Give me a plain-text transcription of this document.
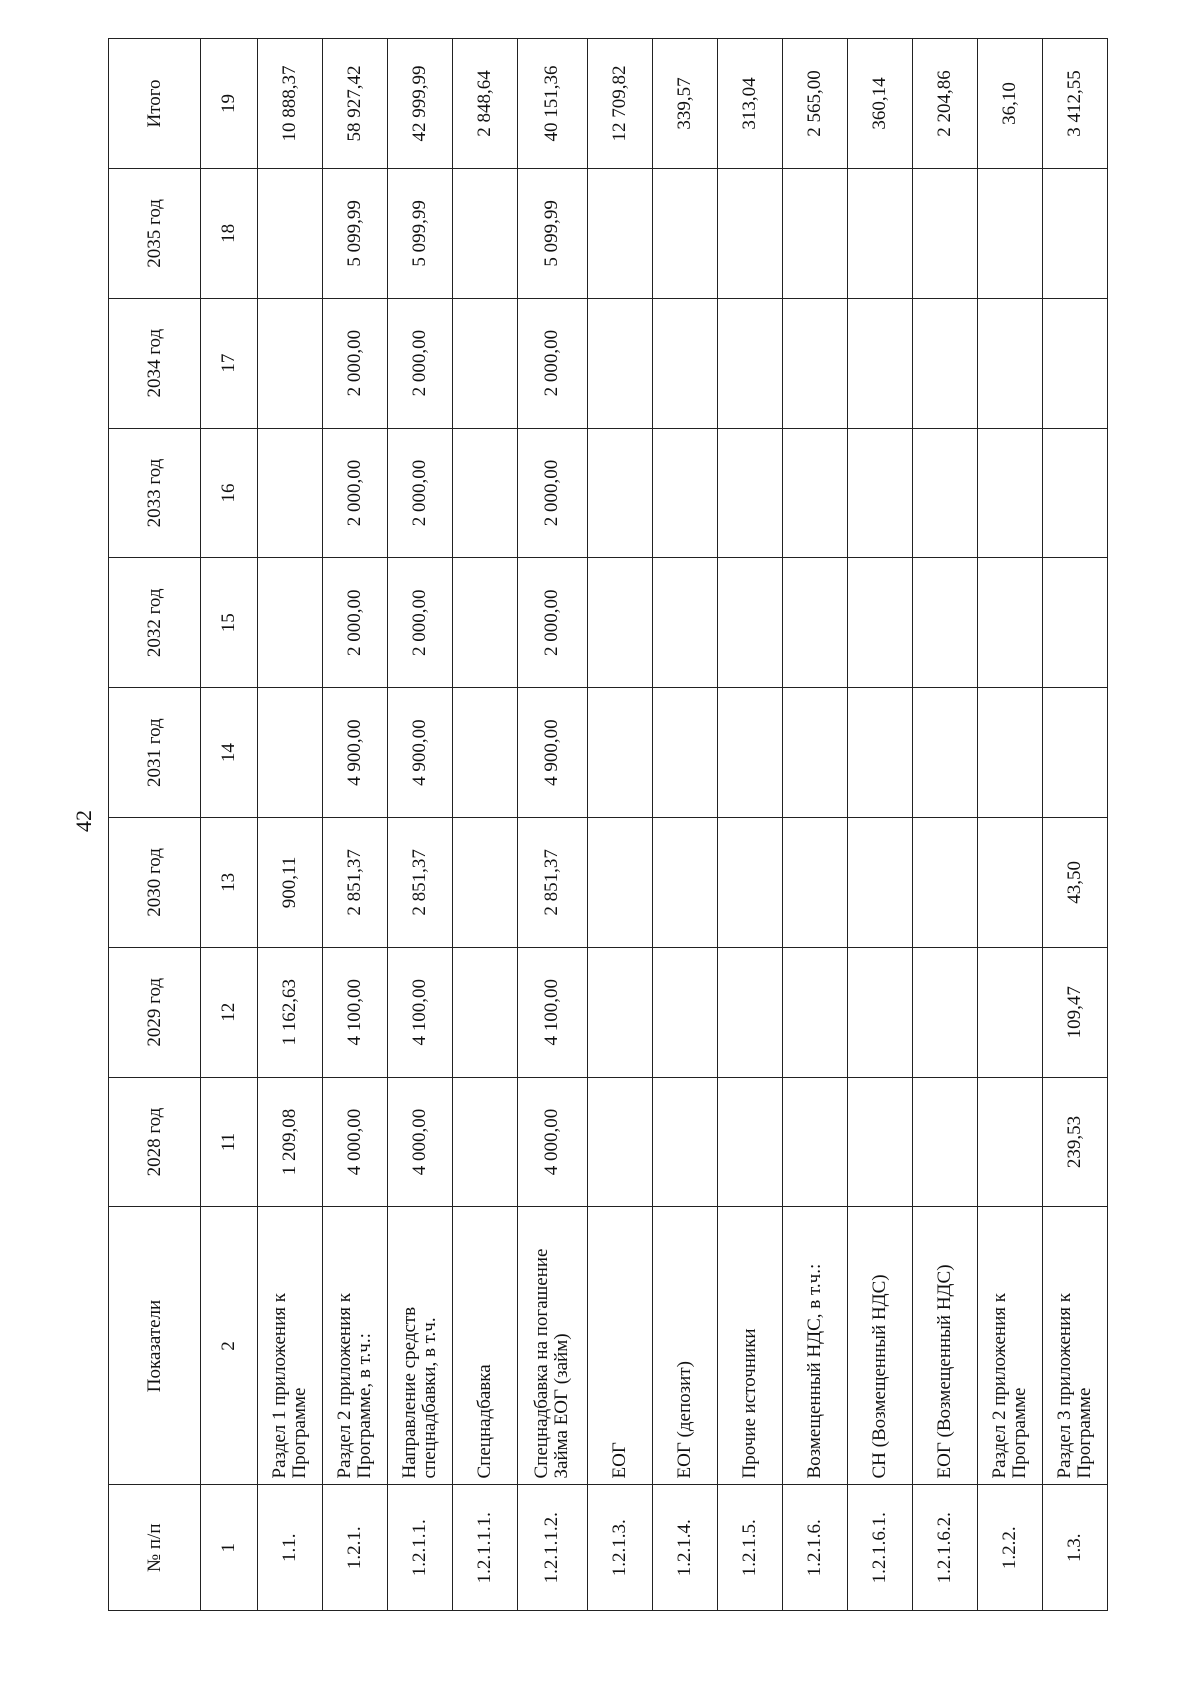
42
№ п/п	Показатели	2028 год	2029 год	2030 год	2031 год	2032 год	2033 год	2034 год	2035 год	Итого
1	2	11	12	13	14	15	16	17	18	19
1.1.	Раздел 1 приложения к Программе	1 209,08	1 162,63	900,11						10 888,37
1.2.1.	Раздел 2 приложения к Программе, в т.ч.:	4 000,00	4 100,00	2 851,37	4 900,00	2 000,00	2 000,00	2 000,00	5 099,99	58 927,42
1.2.1.1.	Направление средств спецнадбавки, в т.ч.	4 000,00	4 100,00	2 851,37	4 900,00	2 000,00	2 000,00	2 000,00	5 099,99	42 999,99
1.2.1.1.1.	Спецнадбавка									2 848,64
1.2.1.1.2.	Спецнадбавка на погашение Займа ЕОГ (займ)	4 000,00	4 100,00	2 851,37	4 900,00	2 000,00	2 000,00	2 000,00	5 099,99	40 151,36
1.2.1.3.	ЕОГ									12 709,82
1.2.1.4.	ЕОГ (депозит)									339,57
1.2.1.5.	Прочие источники									313,04
1.2.1.6.	Возмещенный НДС, в т.ч.:									2 565,00
1.2.1.6.1.	СН (Возмещенный НДС)									360,14
1.2.1.6.2.	ЕОГ (Возмещенный НДС)									2 204,86
1.2.2.	Раздел 2 приложения к Программе									36,10
1.3.	Раздел 3 приложения к Программе	239,53	109,47	43,50						3 412,55
